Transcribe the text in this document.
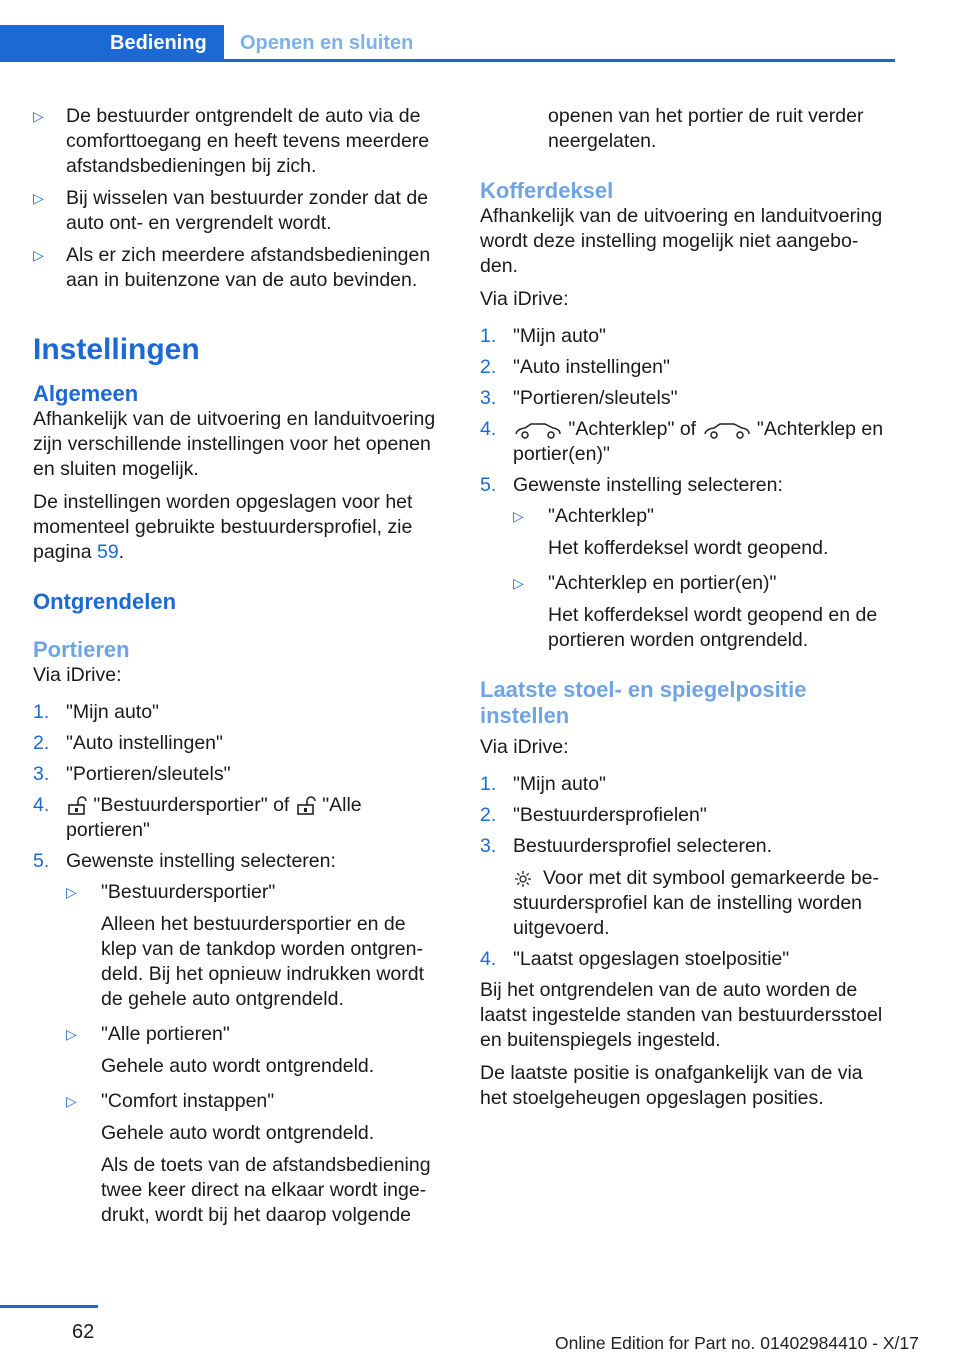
Bediening Openen en sluiten
▷ De bestuurder ontgrendelt de auto via de comforttoegang en heeft tevens meerdere afstandsbedieningen bij zich.
▷ Bij wisselen van bestuurder zonder dat de auto ont- en vergrendelt wordt.
▷ Als er zich meerdere afstandsbedieningen aan in buitenzone van de auto bevinden.
Instellingen
Algemeen

Afhankelijk van de uitvoering en landuitvoering zijn verschillende instellingen voor het openen en sluiten mogelijk.

De instellingen worden opgeslagen voor het momenteel gebruikte bestuurdersprofiel, zie pagina 59.

Ontgrendelen
Portieren

Via iDrive:

1. "Mijn auto"
2. "Auto instellingen"
3. "Portieren/sleutels"
4. "Bestuurdersportier" of "Alle portieren"
5. Gewenste instelling selecteren:
▷ "Bestuurdersportier"

Alleen het bestuurdersportier en de klep van de tankdop worden ontgren‐deld. Bij het opnieuw indrukken wordt de gehele auto ontgrendeld.

▷ "Alle portieren"

Gehele auto wordt ontgrendeld.

▷ "Comfort instappen"

Gehele auto wordt ontgrendeld.

Als de toets van de afstandsbediening twee keer direct na elkaar wordt inge‐drukt, wordt bij het daarop volgende

openen van het portier de ruit verder neergelaten.

Kofferdeksel

Afhankelijk van de uitvoering en landuitvoering wordt deze instelling mogelijk niet aangebo‐den.

Via iDrive:

1. "Mijn auto"
2. "Auto instellingen"
3. "Portieren/sleutels"
4.	"Achterklep" of	"Achterklep en portier(en)"
5. Gewenste instelling selecteren:
▷ "Achterklep"

Het kofferdeksel wordt geopend.

▷ "Achterklep en portier(en)"

Het kofferdeksel wordt geopend en de portieren worden ontgrendeld.

Laatste stoel- en spiegelpositie instellen

Via iDrive:

1. "Mijn auto"
2. "Bestuurdersprofielen"
3. Bestuurdersprofiel selecteren.

Voor met dit symbool gemarkeerde be‐stuurdersprofiel kan de instelling worden uitgevoerd.

4. "Laatst opgeslagen stoelpositie"

Bij het ontgrendelen van de auto worden de laatst ingestelde standen van bestuurdersstoel en buitenspiegels ingesteld.

De laatste positie is onafgankelijk van de via het stoelgeheugen opgeslagen posities.

62	Online Edition for Part no. 01402984410 - X/17
